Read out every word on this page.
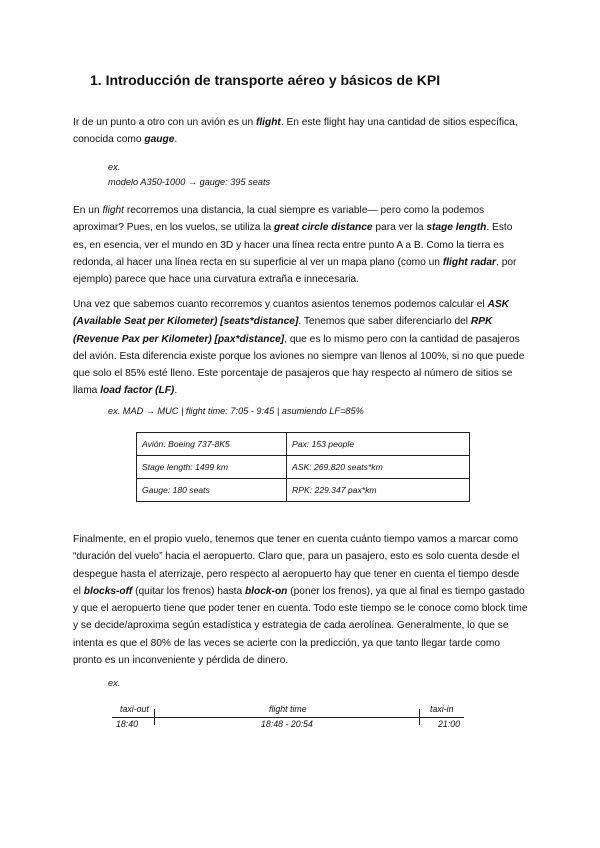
1. Introducción de transporte aéreo y básicos de KPI

Ir de un punto a otro con un avión es un flight. En este flight hay una cantidad de sitios específica, conocida como gauge.

ex.
modelo A350-1000 → gauge: 395 seats

En un flight recorremos una distancia, la cual siempre es variable— pero como la podemos aproximar? Pues, en los vuelos, se utiliza la great circle distance para ver la stage length. Esto es, en esencia, ver el mundo en 3D y hacer una línea recta entre punto A a B. Como la tierra es redonda, al hacer una línea recta en su superficie al ver un mapa plano (como un flight radar, por ejemplo) parece que hace una curvatura extraña e innecesaria.

Una vez que sabemos cuanto recorremos y cuantos asientos tenemos podemos calcular el ASK (Available Seat per Kilometer) [seats*distance]. Tenemos que saber diferenciarlo del RPK (Revenue Pax per Kilometer) [pax*distance], que es lo mismo pero con la cantidad de pasajeros del avión. Esta diferencia existe porque los aviones no siempre van llenos al 100%, si no que puede que solo el 85% esté lleno. Este porcentaje de pasajeros que hay respecto al número de sitios se llama load factor (LF).

ex. MAD → MUC | flight time: 7:05 - 9:45 | asumiendo LF=85%
Avión: Boeing 737-8K5	Pax: 153 people
Stage length: 1499 km	ASK: 269.820 seats*km
Gauge: 180 seats	RPK: 229.347 pax*km

Finalmente, en el propio vuelo, tenemos que tener en cuenta cuánto tiempo vamos a marcar como “duración del vuelo” hacia el aeropuerto. Claro que, para un pasajero, esto es solo cuenta desde el despegue hasta el aterrizaje, pero respecto al aeropuerto hay que tener en cuenta el tiempo desde el blocks-off (quitar los frenos) hasta block-on (poner los frenos), ya que al final es tiempo gastado y que el aeropuerto tiene que poder tener en cuenta. Todo este tiempo se le conoce como block time y se decide/aproxima según estadística y estrategia de cada aerolínea. Generalmente, lo que se intenta es que el 80% de las veces se acierte con la predicción, ya que tanto llegar tarde como pronto es un inconveniente y pérdida de dinero.

ex.
taxi-out	flight time	taxi-in
18:40	18:48 - 20:54	21:00
